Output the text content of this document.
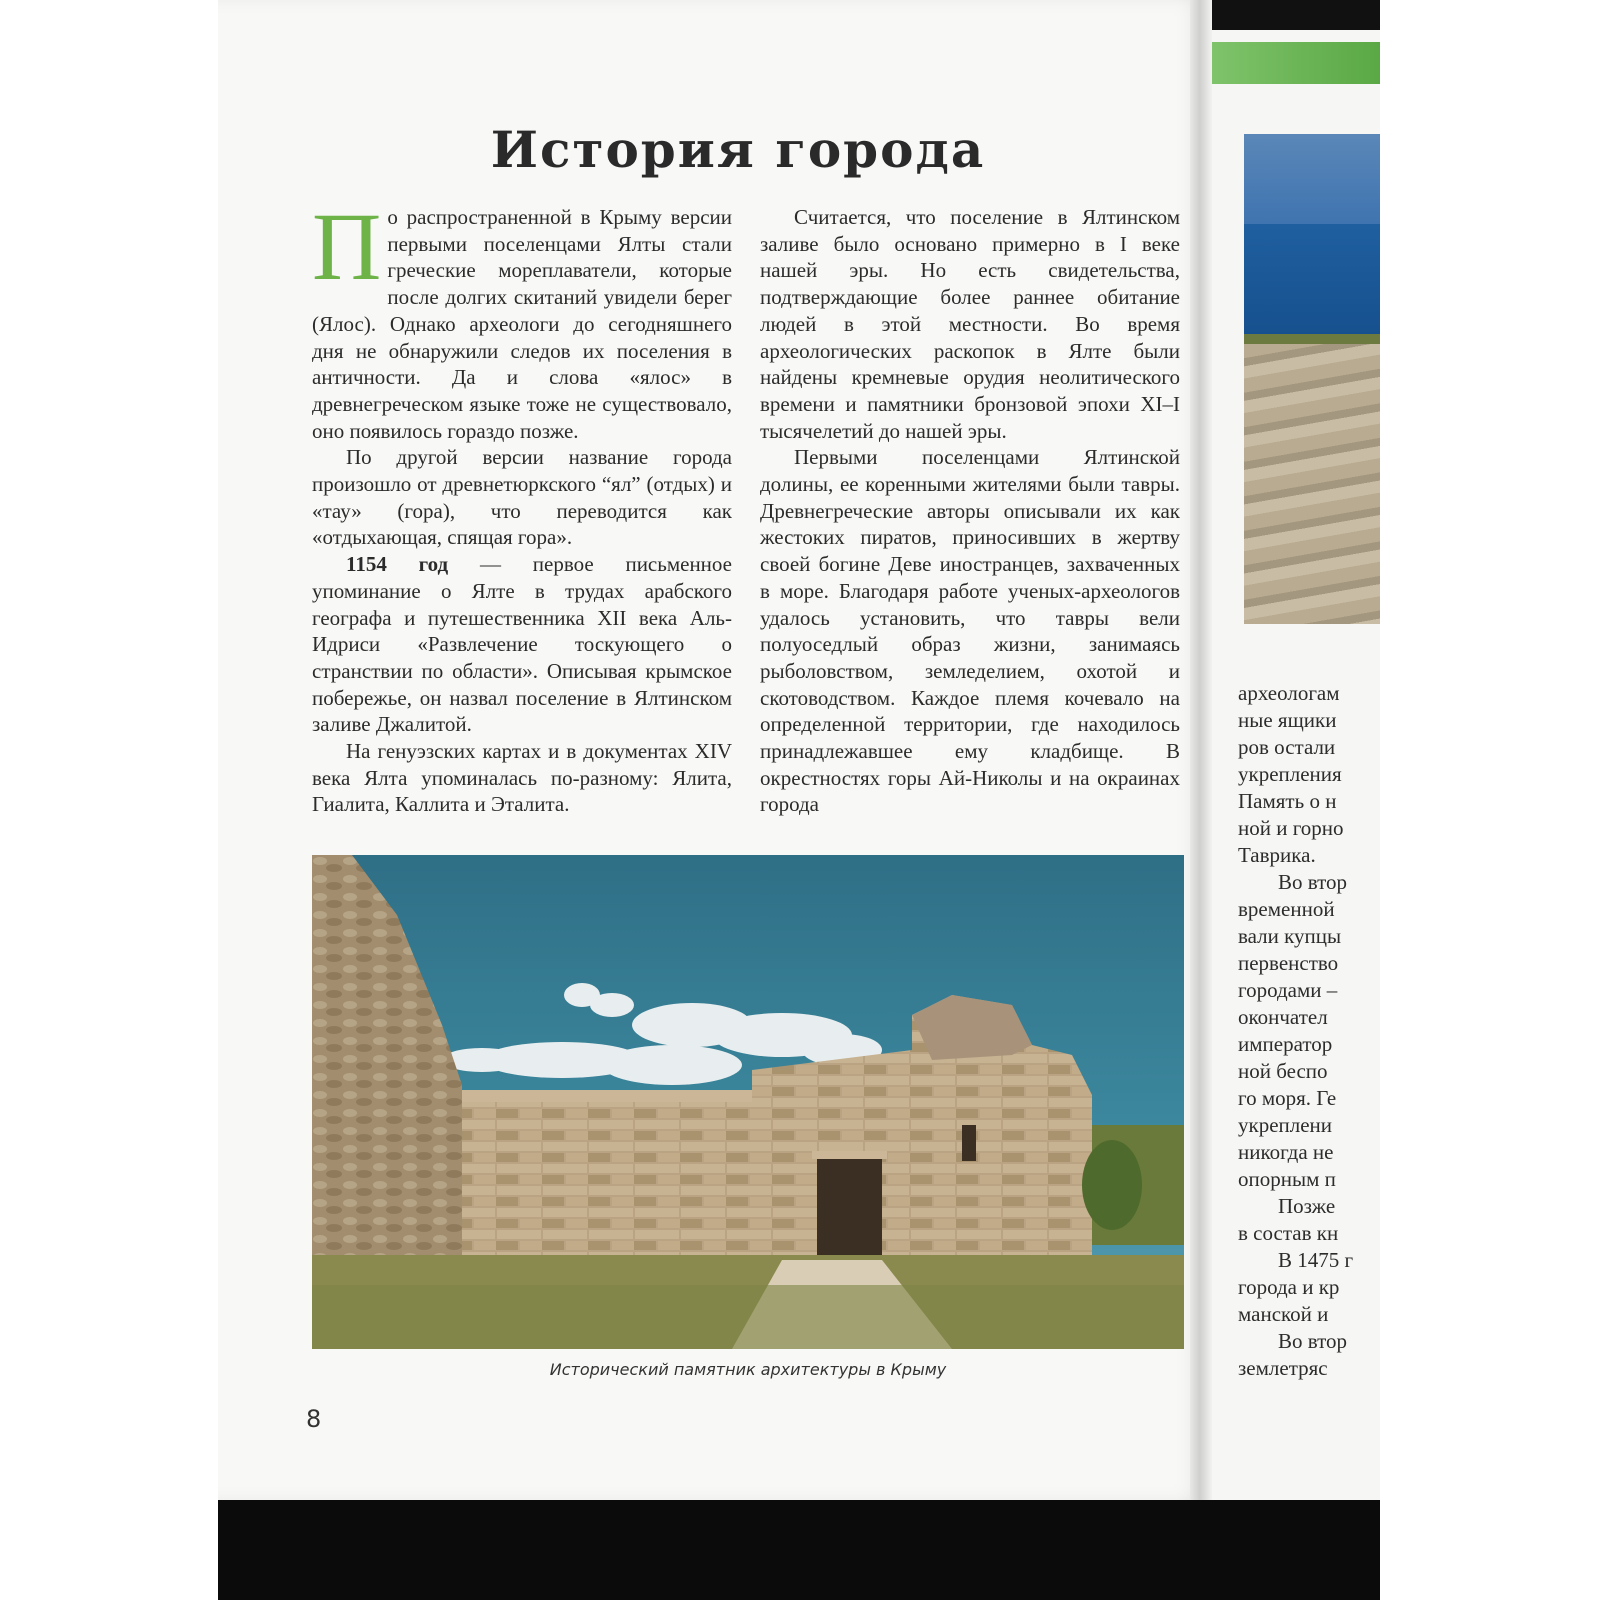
археологам
ные ящики
ров остали
укрепления
Память о н
ной и горно
Таврика.
Во втор
временной
вали купцы
первенство
городами –
окончател
император
ной беспо
го моря. Ге
укреплени
никогда не
опорным п
Позже
в состав кн
В 1475 г
города и кр
манской и
Во втор
землетряс
История города

По распространенной в Крыму версии первыми поселенцами Ялты стали греческие мореплаватели, которые после долгих скитаний увидели берег (Ялос). Однако археологи до сегодняшнего дня не обнаружили следов их поселения в античности. Да и слова «ялос» в древнегреческом языке тоже не существовало, оно появилось гораздо позже.

По другой версии название города произошло от древнетюркского “ял” (отдых) и «тау» (гора), что переводится как «отдыхающая, спящая гора».

1154 год — первое письменное упоминание о Ялте в трудах арабского географа и путешественника XII века Аль-Идриси «Развлечение тоскующего о странствии по области». Описывая крымское побережье, он назвал поселение в Ялтинском заливе Джалитой.

На генуэзских картах и в документах XIV века Ялта упоминалась по-разному: Ялита, Гиалита, Каллита и Эталита.

Считается, что поселение в Ялтинском заливе было основано примерно в I веке нашей эры. Но есть свидетельства, подтверждающие более раннее обитание людей в этой местности. Во время археологических раскопок в Ялте были найдены кремневые орудия неолитического времени и памятники бронзовой эпохи XI–I тысячелетий до нашей эры.

Первыми поселенцами Ялтинской долины, ее коренными жителями были тавры. Древнегреческие авторы описывали их как жестоких пиратов, приносивших в жертву своей богине Деве иностранцев, захваченных в море. Благодаря работе ученых-археологов удалось установить, что тавры вели полуоседлый образ жизни, занимаясь рыболовством, земледелием, охотой и скотоводством. Каждое племя кочевало на определенной территории, где находилось принадлежавшее ему кладбище. В окрестностях горы Ай-Николы и на окраинах города

Исторический памятник архитектуры в Крыму
8
